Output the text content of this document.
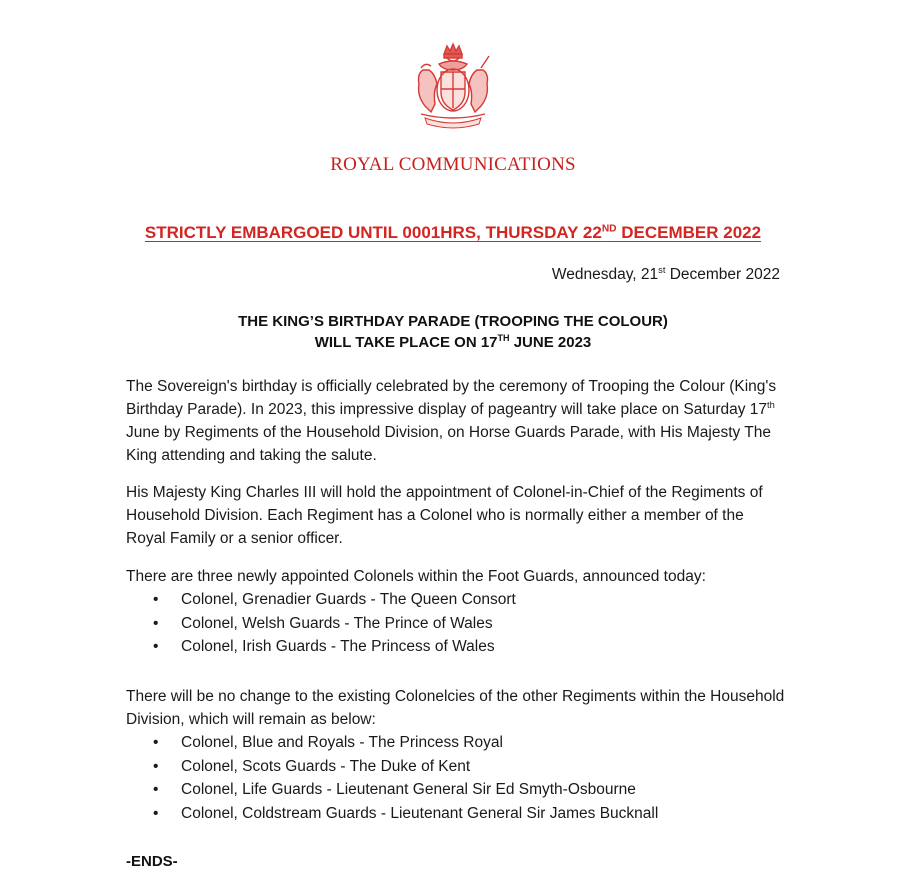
ROYAL COMMUNICATIONS
STRICTLY EMBARGOED UNTIL 0001HRS, THURSDAY 22ND DECEMBER 2022
Wednesday, 21st December 2022
THE KING’S BIRTHDAY PARADE (TROOPING THE COLOUR)
WILL TAKE PLACE ON 17TH JUNE 2023

The Sovereign's birthday is officially celebrated by the ceremony of Trooping the Colour (King's Birthday Parade). In 2023, this impressive display of pageantry will take place on Saturday 17th June by Regiments of the Household Division, on Horse Guards Parade, with His Majesty The King attending and taking the salute.

His Majesty King Charles III will hold the appointment of Colonel-in-Chief of the Regiments of Household Division. Each Regiment has a Colonel who is normally either a member of the Royal Family or a senior officer.

There are three newly appointed Colonels within the Foot Guards, announced today:

• Colonel, Grenadier Guards - The Queen Consort
• Colonel, Welsh Guards - The Prince of Wales
• Colonel, Irish Guards - The Princess of Wales

There will be no change to the existing Colonelcies of the other Regiments within the Household Division, which will remain as below:

• Colonel, Blue and Royals - The Princess Royal
• Colonel, Scots Guards - The Duke of Kent
• Colonel, Life Guards - Lieutenant General Sir Ed Smyth-Osbourne
• Colonel, Coldstream Guards - Lieutenant General Sir James Bucknall
-ENDS-
